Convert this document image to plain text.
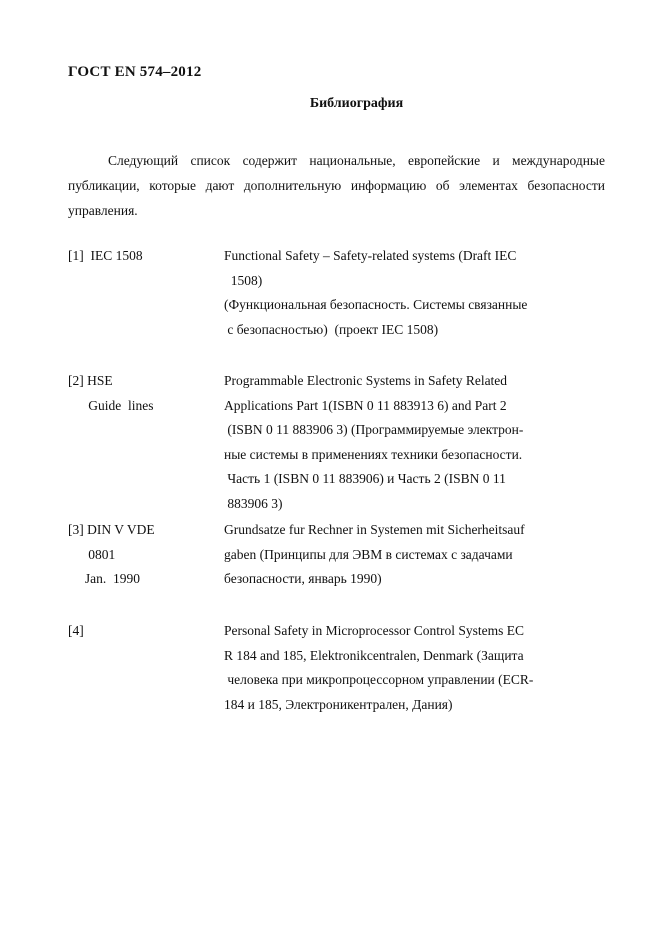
ГОСТ EN 574–2012
Библиография

Следующий список содержит национальные, европейские и международные публикации, которые дают дополнительную информацию об элементах безопасности управления.

[1]  IEC 1508	Functional Safety – Safety-related systems (Draft IEC
1508)
(Функциональная безопасность. Системы связанные
с безопасностью)  (проект IEC 1508)
[2] HSE
Guide  lines
Programmable Electronic Systems in Safety Related
Applications Part 1(ISBN 0 11 883913 6) and Part 2
(ISBN 0 11 883906 3) (Программируемые электрон-
ные системы в применениях техники безопасности.
Часть 1 (ISBN 0 11 883906) и Часть 2 (ISBN 0 11
883906 3)
[3] DIN V VDE
0801
Jan.  1990
Grundsatze fur Rechner in Systemen mit Sicherheitsauf
gaben (Принципы для ЭВМ в системах с задачами
безопасности, январь 1990)
[4]	Personal Safety in Microprocessor Control Systems EC
R 184 and 185, Elektronikcentralen, Denmark (Защита
человека при микропроцессорном управлении (ECR-
184 и 185, Электроникентрален, Дания)
